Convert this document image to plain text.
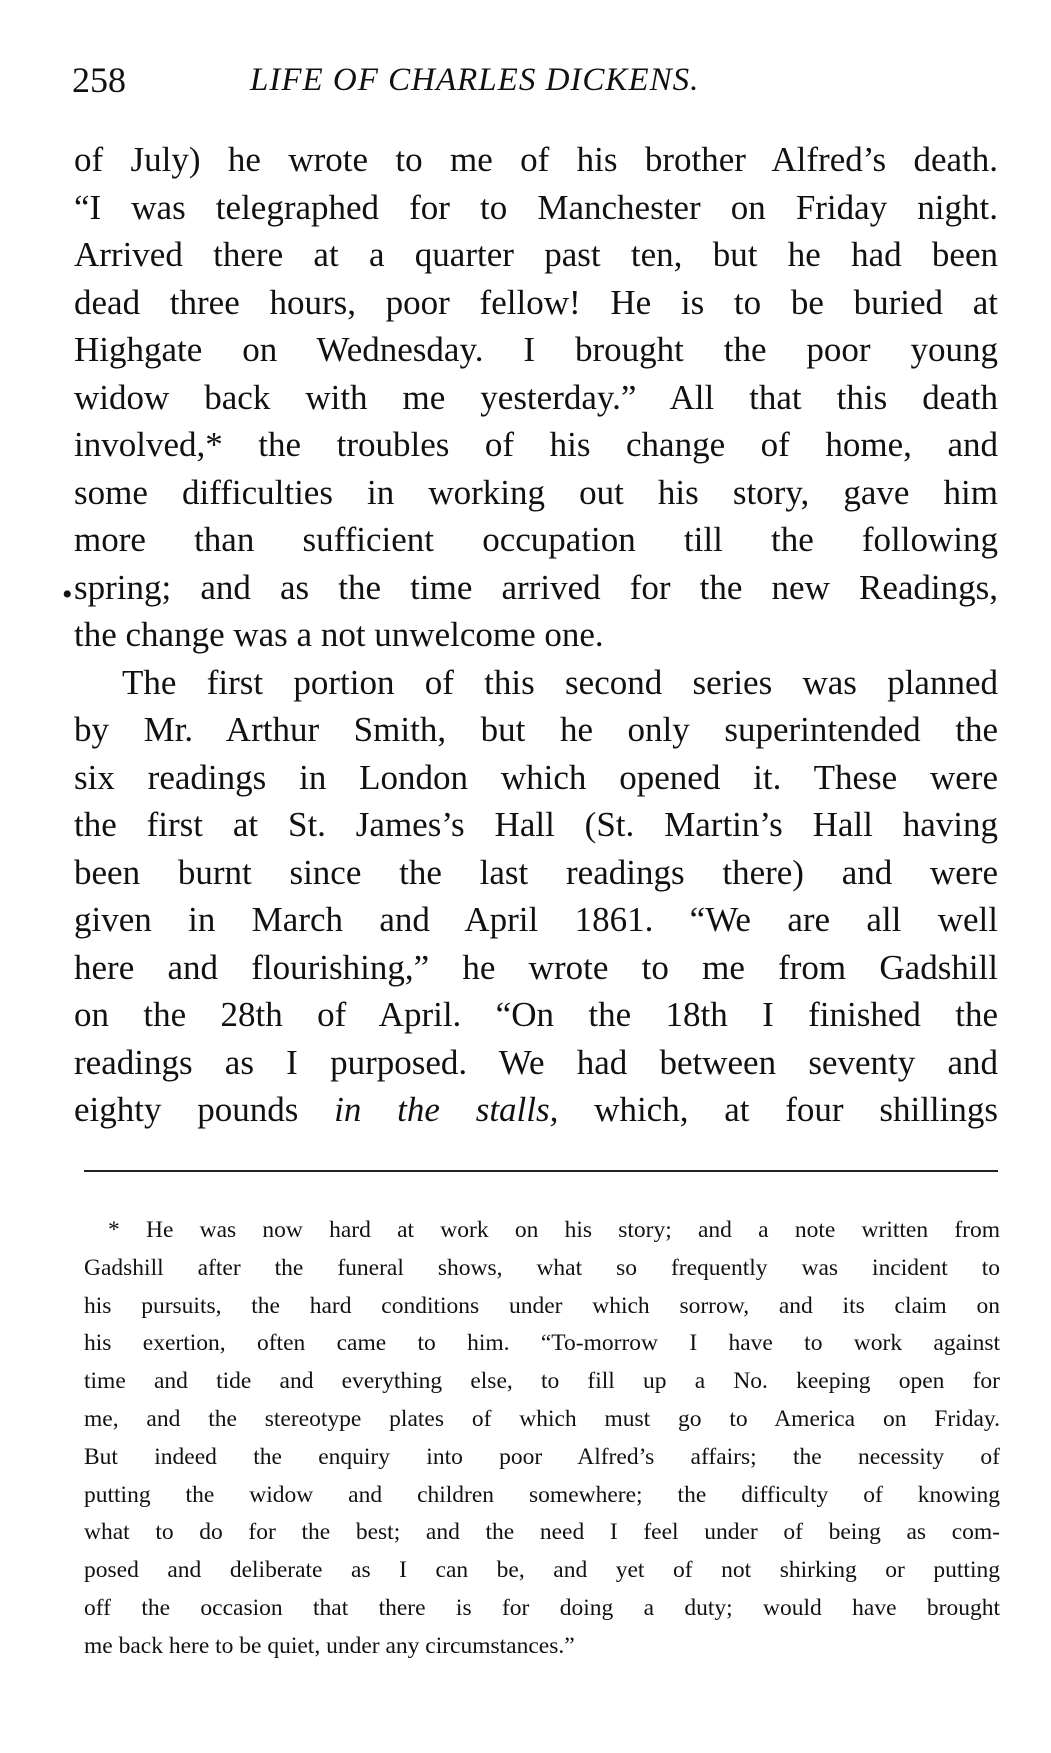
258	LIFE OF CHARLES DICKENS.
•
of July) he wrote to me of his brother Alfred’s death.
“I was telegraphed for to Manchester on Friday night.
Arrived there at a quarter past ten, but he had been
dead three hours, poor fellow! He is to be buried at
Highgate on Wednesday. I brought the poor young
widow back with me yesterday.” All that this death
involved,* the troubles of his change of home, and
some difficulties in working out his story, gave him
more than sufficient occupation till the following
spring; and as the time arrived for the new Readings,
the change was a not unwelcome one.
The first portion of this second series was planned
by Mr. Arthur Smith, but he only superintended the
six readings in London which opened it. These were
the first at St. James’s Hall (St. Martin’s Hall having
been burnt since the last readings there) and were
given in March and April 1861. “We are all well
here and flourishing,” he wrote to me from Gadshill
on the 28th of April. “On the 18th I finished the
readings as I purposed. We had between seventy and
eighty pounds in the stalls, which, at four shillings
* He was now hard at work on his story; and a note written from
Gadshill after the funeral shows, what so frequently was incident to
his pursuits, the hard conditions under which sorrow, and its claim on
his exertion, often came to him. “To-morrow I have to work against
time and tide and everything else, to fill up a No. keeping open for
me, and the stereotype plates of which must go to America on Friday.
But indeed the enquiry into poor Alfred’s affairs; the necessity of
putting the widow and children somewhere; the difficulty of knowing
what to do for the best; and the need I feel under of being as com-
posed and deliberate as I can be, and yet of not shirking or putting
off the occasion that there is for doing a duty; would have brought
me back here to be quiet, under any circumstances.”
